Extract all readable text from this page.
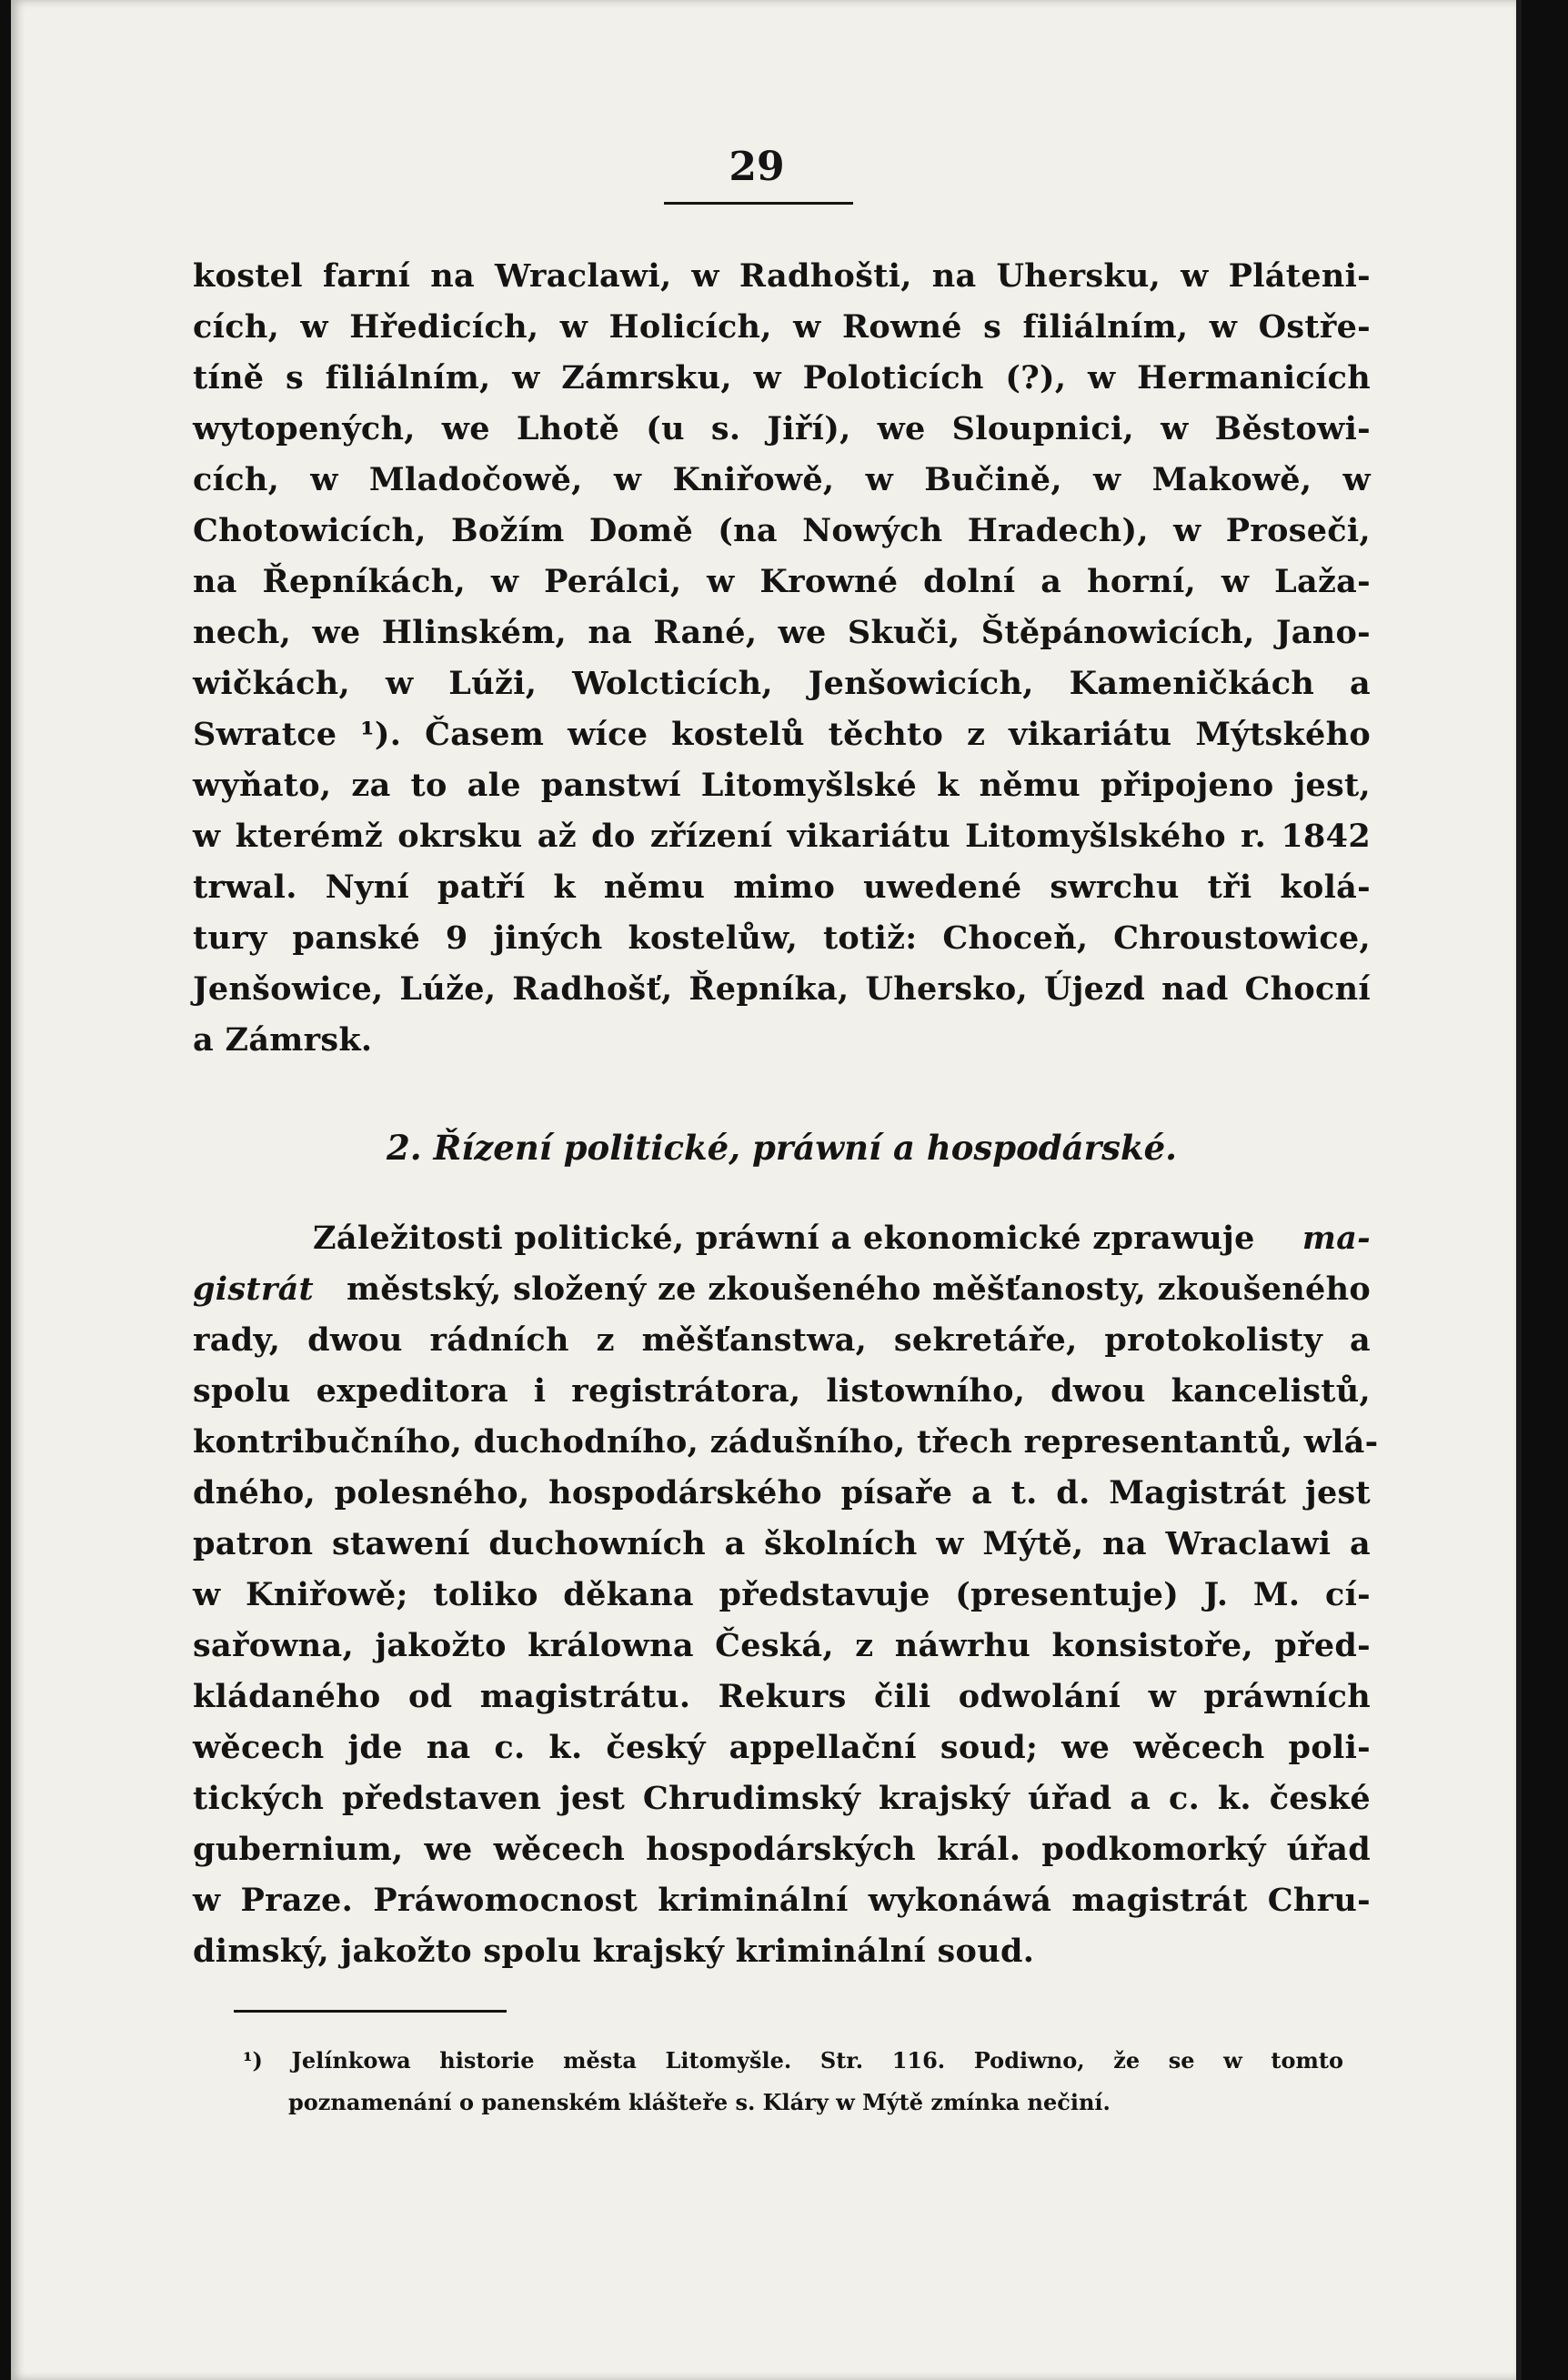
29
kostel farní na Wraclawi, w Radhošti, na Uhersku, w Pláteni-
cích, w Hředicích, w Holicích, w Rowné s filiálním, w Ostře-
tíně s filiálním, w Zámrsku, w Poloticích (?), w Hermanicích
wytopených, we Lhotě (u s. Jiří), we Sloupnici, w Běstowi-
cích, w Mladočowě, w Kniřowě, w Bučině, w Makowě, w
Chotowicích, Božím Domě (na Nowých Hradech), w Proseči,
na Řepníkách, w Perálci, w Krowné dolní a horní, w Laža-
nech, we Hlinském, na Rané, we Skuči, Štěpánowicích, Jano-
wičkách, w Lúži, Wolcticích, Jenšowicích, Kameničkách a
Swratce ¹). Časem wíce kostelů těchto z vikariátu Mýtského
wyňato, za to ale panstwí Litomyšlské k němu připojeno jest,
w kterémž okrsku až do zřízení vikariátu Litomyšlského r. 1842
trwal. Nyní patří k němu mimo uwedené swrchu tři kolá-
tury panské 9 jiných kostelůw, totiž: Choceň, Chroustowice,
Jenšowice, Lúže, Radhošť, Řepníka, Uhersko, Újezd nad Chocní
a Zámrsk.
2. Řízení politické, práwní a hospodárské.
Záležitosti politické, práwní a ekonomické zprawuje ma-
gistrát městský, složený ze zkoušeného měšťanosty, zkoušeného
rady, dwou rádních z měšťanstwa, sekretáře, protokolisty a
spolu expeditora i registrátora, listowního, dwou kancelistů,
kontribučního, duchodního, zádušního, třech representantů, wlá-
dného, polesného, hospodárského písaře a t. d. Magistrát jest
patron stawení duchowních a školních w Mýtě, na Wraclawi a
w Kniřowě; toliko děkana představuje (presentuje) J. M. cí-
sařowna, jakožto králowna Česká, z náwrhu konsistoře, před-
kládaného od magistrátu. Rekurs čili odwolání w práwních
wěcech jde na c. k. český appellační soud; we wěcech poli-
tických představen jest Chrudimský krajský úřad a c. k. české
gubernium, we wěcech hospodárských král. podkomorký úřad
w Praze. Práwomocnost kriminální wykonáwá magistrát Chru-
dimský, jakožto spolu krajský kriminální soud.
¹) Jelínkowa historie města Litomyšle. Str. 116. Podiwno, že se w tomto
poznamenání o panenském klášteře s. Kláry w Mýtě zmínka nečiní.
